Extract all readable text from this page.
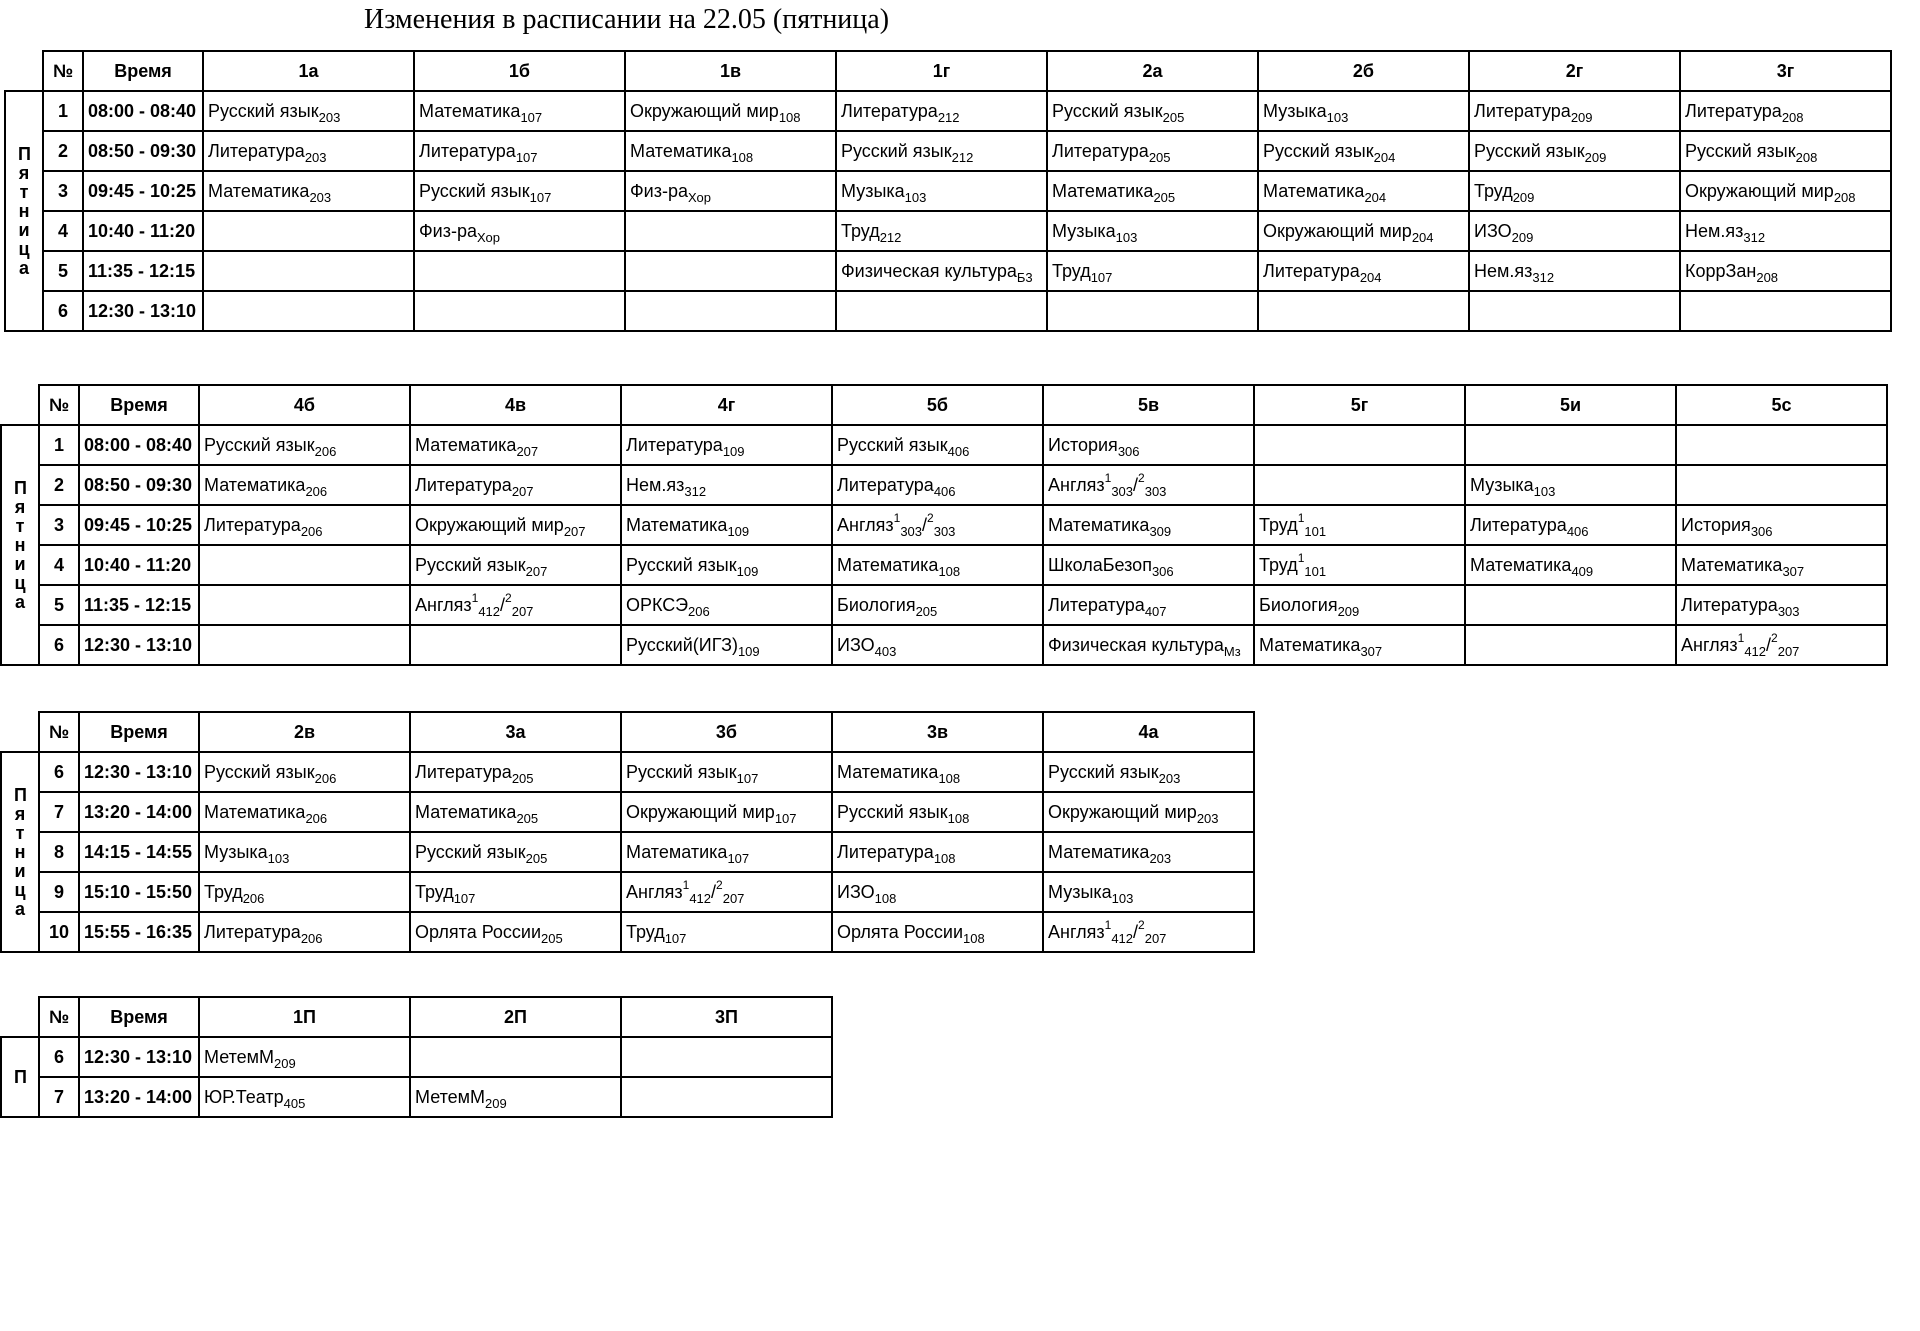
Изменения в расписании на 22.05 (пятница)
	№	Время	1а	1б	1в	1г	2а	2б	2г	3г

Пятница	1	08:00 - 08:40	Русский язык$_{203}$	Математика$_{107}$	Окружающий мир$_{108}$	Литература$_{212}$	Русский язык$_{205}$	Музыка$_{103}$	Литература$_{209}$	Литература$_{208}$
	2	08:50 - 09:30	Литература$_{203}$	Литература$_{107}$	Математика$_{108}$	Русский язык$_{212}$	Литература$_{205}$	Русский язык$_{204}$	Русский язык$_{209}$	Русский язык$_{208}$
	3	09:45 - 10:25	Математика$_{203}$	Русский язык$_{107}$	Физ-$ра_{Хор}$	Музыка$_{103}$	Математика$_{205}$	Математика$_{204}$	Труд$_{209}$	Окружающий мир$_{208}$
	4	10:40 - 11:20		Физ-$ра_{Хор}$		Труд$_{212}$	Музыка$_{103}$	Окружающий мир$_{204}$	$ИЗО_{209}$	$Нем.яз_{312}$
	5	11:35 - 12:15				Физическая культура$_{Б3}$	Труд$_{107}$	Литература$_{204}$	$Нем.яз_{312}$	КоррЗан$_{208}$
	6	12:30 - 13:10								
	№	Время	4б	4в	4г	5б	5в	5г	5и	5с

Пятница	1	08:00 - 08:40	Русский язык$_{206}$	Математика$_{207}$	Литература$_{109}$	Русский язык$_{406}$	История$_{306}$			
	2	08:50 - 09:30	Математика$_{206}$	Литература$_{207}$	$Нем.яз_{312}$	Литература$_{406}$	Англяз$^1_{303}$/$^2_{303}$		Музыка$_{103}$	
	3	09:45 - 10:25	Литература$_{206}$	Окружающий мир$_{207}$	Математика$_{109}$	Англяз$^1_{303}$/$^2_{303}$	Математика$_{309}$	Труд$^1_{101}$	Литература$_{406}$	История$_{306}$
	4	10:40 - 11:20		Русский язык$_{207}$	Русский язык$_{109}$	Математика$_{108}$	ШколаБезоп$_{306}$	Труд$^1_{101}$	Математика$_{409}$	Математика$_{307}$
	5	11:35 - 12:15		Англяз$^1_{412}$/$^2_{207}$	$ОРКСЭ_{206}$	Биология$_{205}$	Литература$_{407}$	Биология$_{209}$		Литература$_{303}$
	6	12:30 - 13:10			$Русский(ИГЗ)_{109}$	$ИЗО_{403}$	Физическая культура$_{Мз}$	Математика$_{307}$		Англяз$^1_{412}$/$^2_{207}$
	№	Время	2в	3а	3б	3в	4а

Пятница	6	12:30 - 13:10	Русский язык$_{206}$	Литература$_{205}$	Русский язык$_{107}$	Математика$_{108}$	Русский язык$_{203}$
	7	13:20 - 14:00	Математика$_{206}$	Математика$_{205}$	Окружающий мир$_{107}$	Русский язык$_{108}$	Окружающий мир$_{203}$
	8	14:15 - 14:55	Музыка$_{103}$	Русский язык$_{205}$	Математика$_{107}$	Литература$_{108}$	Математика$_{203}$
	9	15:10 - 15:50	Труд$_{206}$	Труд$_{107}$	Англяз$^1_{412}$/$^2_{207}$	$ИЗО_{108}$	Музыка$_{103}$
	10	15:55 - 16:35	Литература$_{206}$	Орлята России$_{205}$	Труд$_{107}$	Орлята России$_{108}$	Англяз$^1_{412}$/$^2_{207}$
	№	Время	1П	2П	3П

П	6	12:30 - 13:10	МетемМ$_{209}$		
	7	13:20 - 14:00	ЮР.Театр$_{405}$	МетемМ$_{209}$	
